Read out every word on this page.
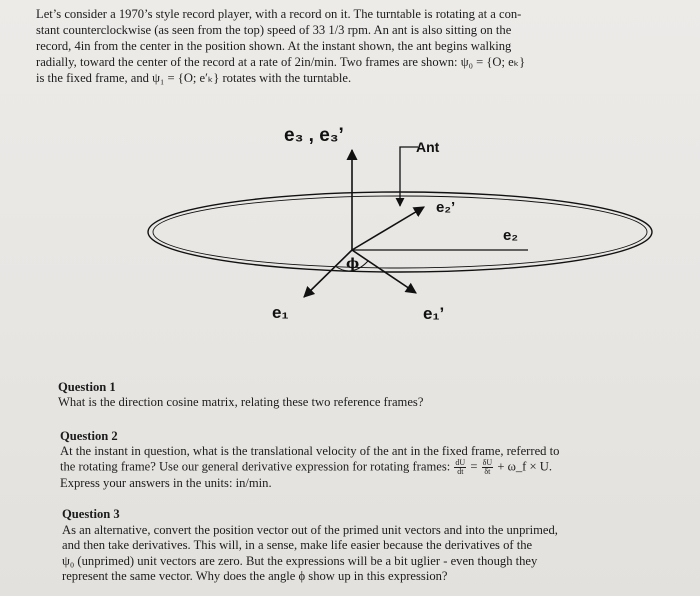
Let’s consider a 1970’s style record player, with a record on it. The turntable is rotating at a con-
stant counterclockwise (as seen from the top) speed of 33 1/3 rpm. An ant is also sitting on the
record, 4in from the center in the position shown. At the instant shown, the ant begins walking
radially, toward the center of the record at a rate of 2in/min. Two frames are shown: ψ₀ = {O; eₖ}
is the fixed frame, and ψ₁ = {O; e′ₖ} rotates with the turntable.
e₃ , e₃’
Ant
e₂’
e₂
ϕ
e₁	e₁’
Question 1
What is the direction cosine matrix, relating these two reference frames?
Question 2
At the instant in question, what is the translational velocity of the ant in the fixed frame, referred to
the rotating frame? Use our general derivative expression for rotating frames: $\frac{dU}{dt} = \frac{\delta U}{\delta t}$ + ω_f × U.
Express your answers in the units: in/min.
Question 3
As an alternative, convert the position vector out of the primed unit vectors and into the unprimed,
and then take derivatives. This will, in a sense, make life easier because the derivatives of the
ψ₀ (unprimed) unit vectors are zero. But the expressions will be a bit uglier - even though they
represent the same vector. Why does the angle ϕ show up in this expression?
